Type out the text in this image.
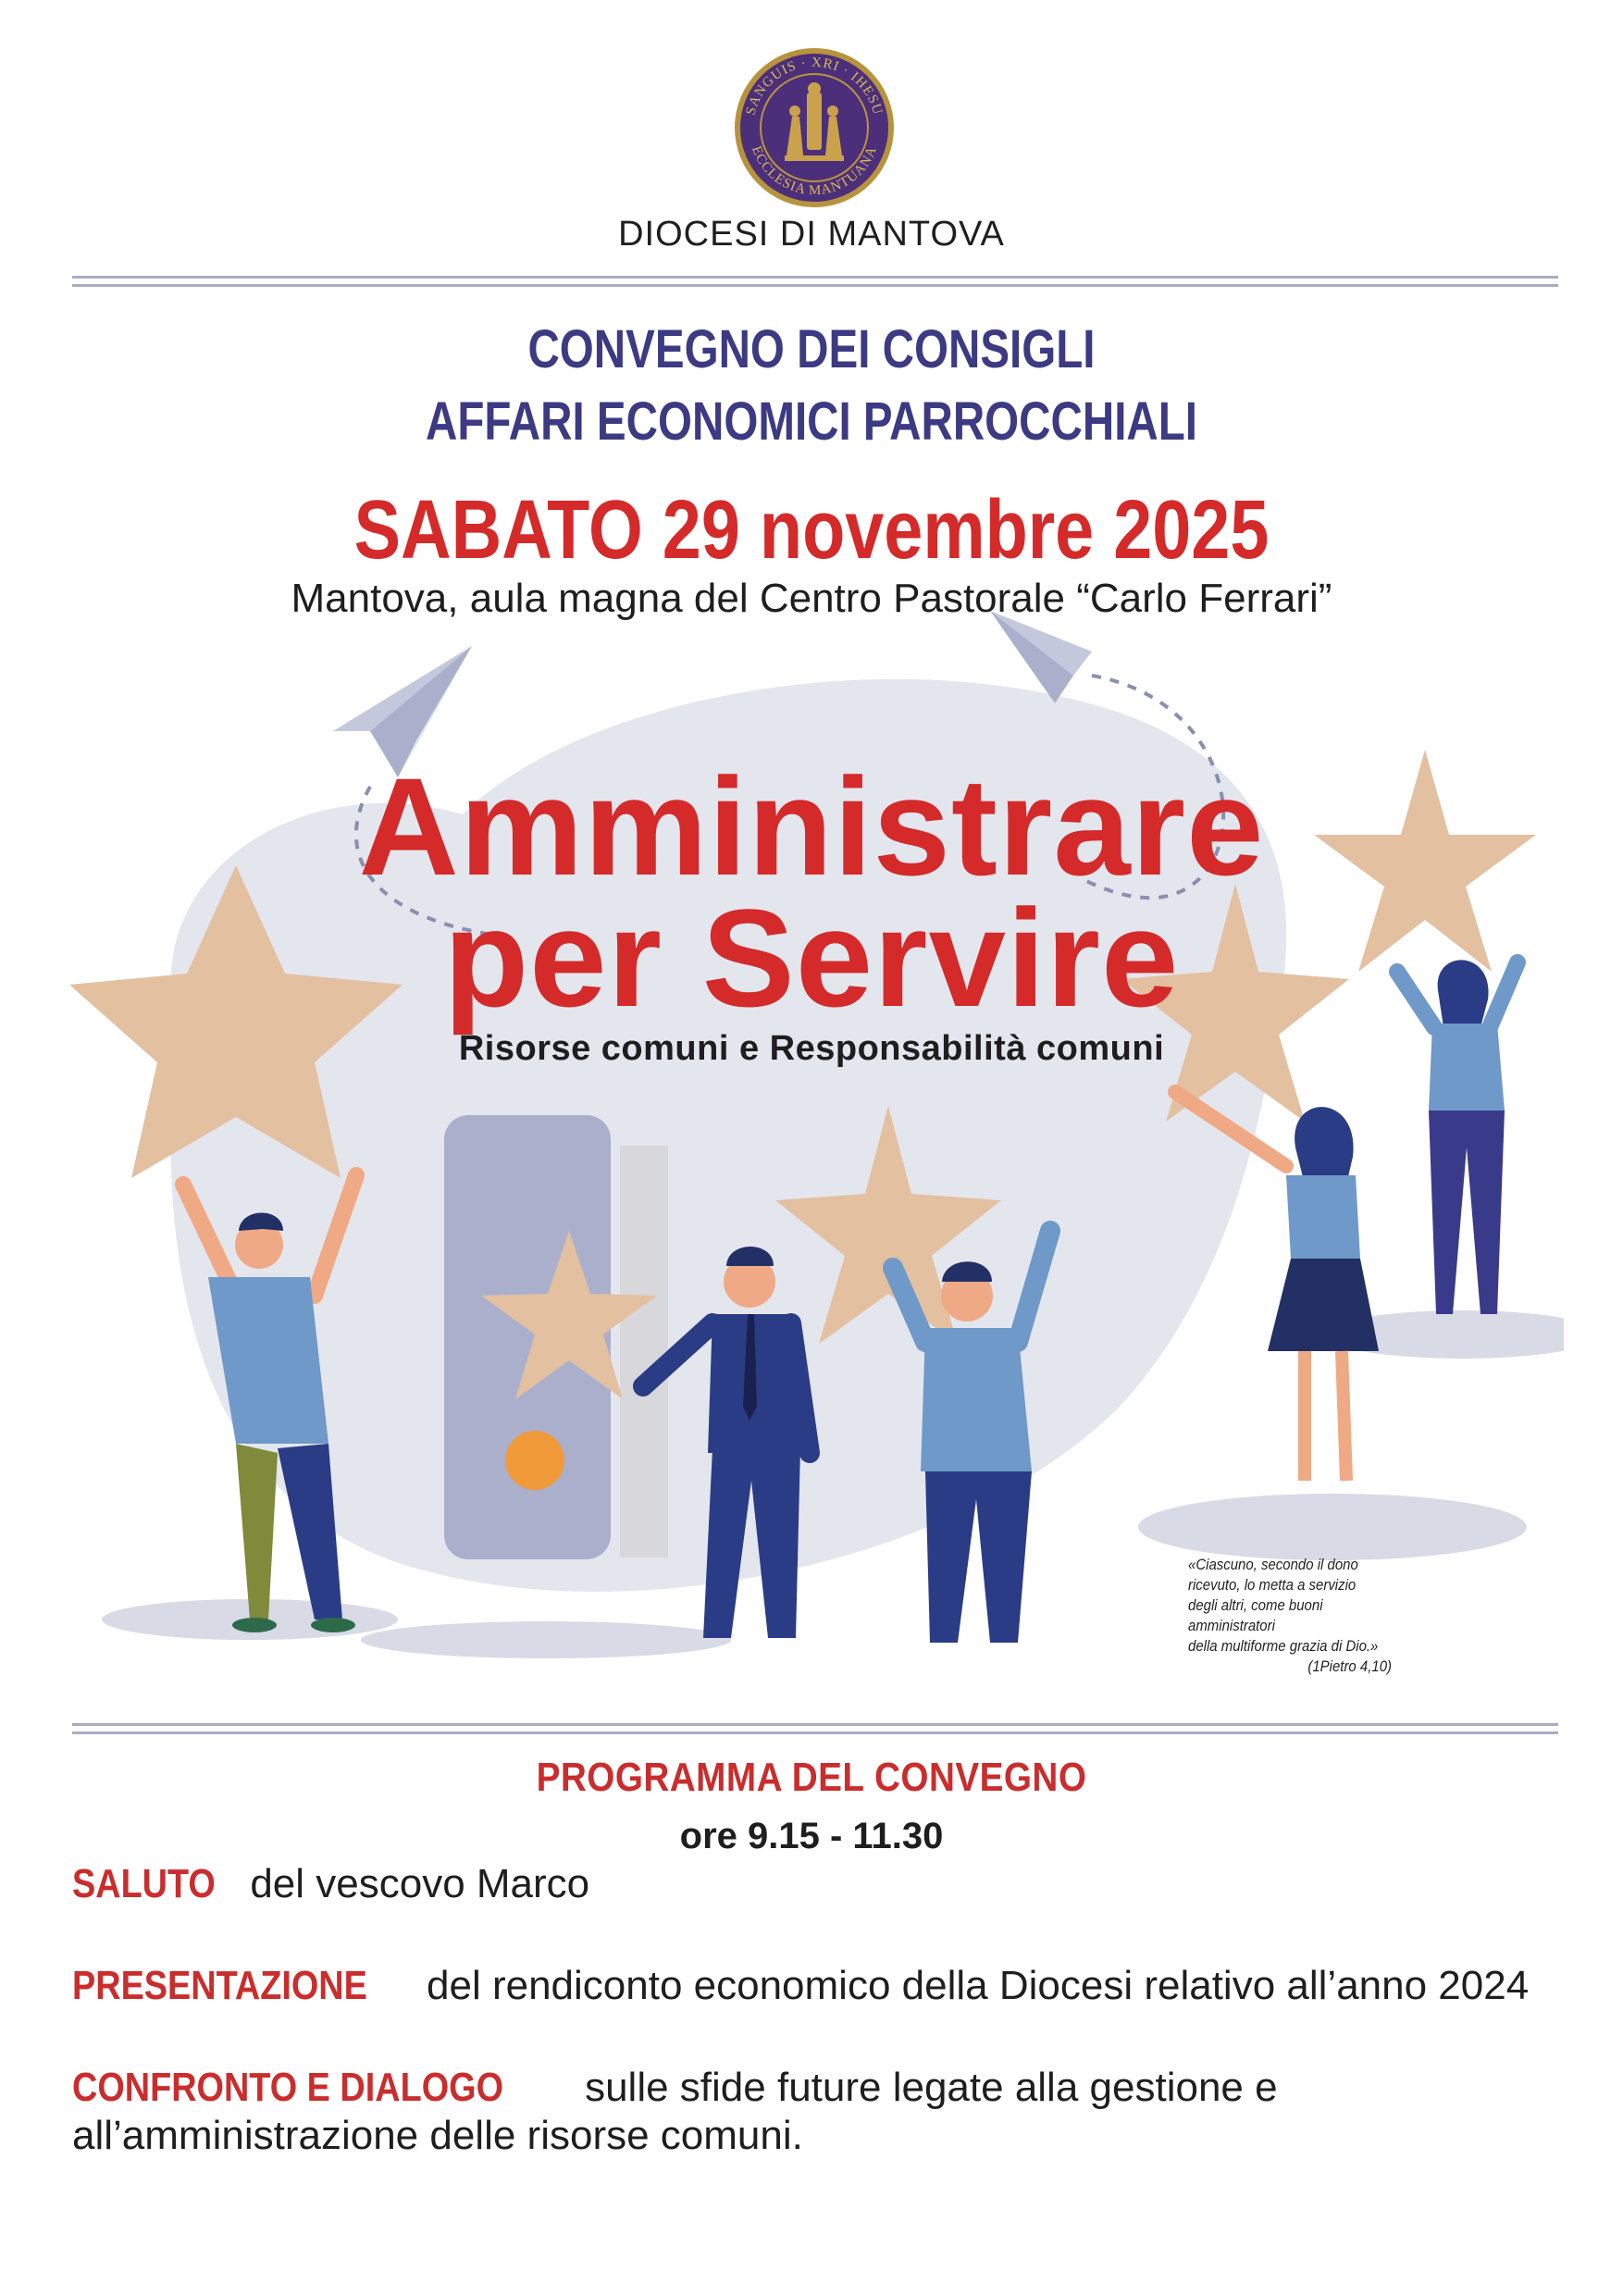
SANGUIS · XRI · IHESU
ECCLESIA MANTUANA
DIOCESI DI MANTOVA
CONVEGNO DEI CONSIGLI
AFFARI ECONOMICI PARROCCHIALI
SABATO 29 novembre 2025
Mantova, aula magna del Centro Pastorale “Carlo Ferrari”
Amministrare
per Servire
Risorse comuni e Responsabilità comuni
«Ciascuno, secondo il dono
ricevuto, lo metta a servizio
degli altri, come buoni
amministratori
della multiforme grazia di Dio.»
(1Pietro 4,10)
PROGRAMMA DEL CONVEGNO
ore 9.15 - 11.30
SALUTO del vescovo Marco
PRESENTAZIONE del rendiconto economico della Diocesi relativo all’anno 2024
CONFRONTO E DIALOGO sulle sfide future legate alla gestione e all’amministrazione delle risorse comuni.
